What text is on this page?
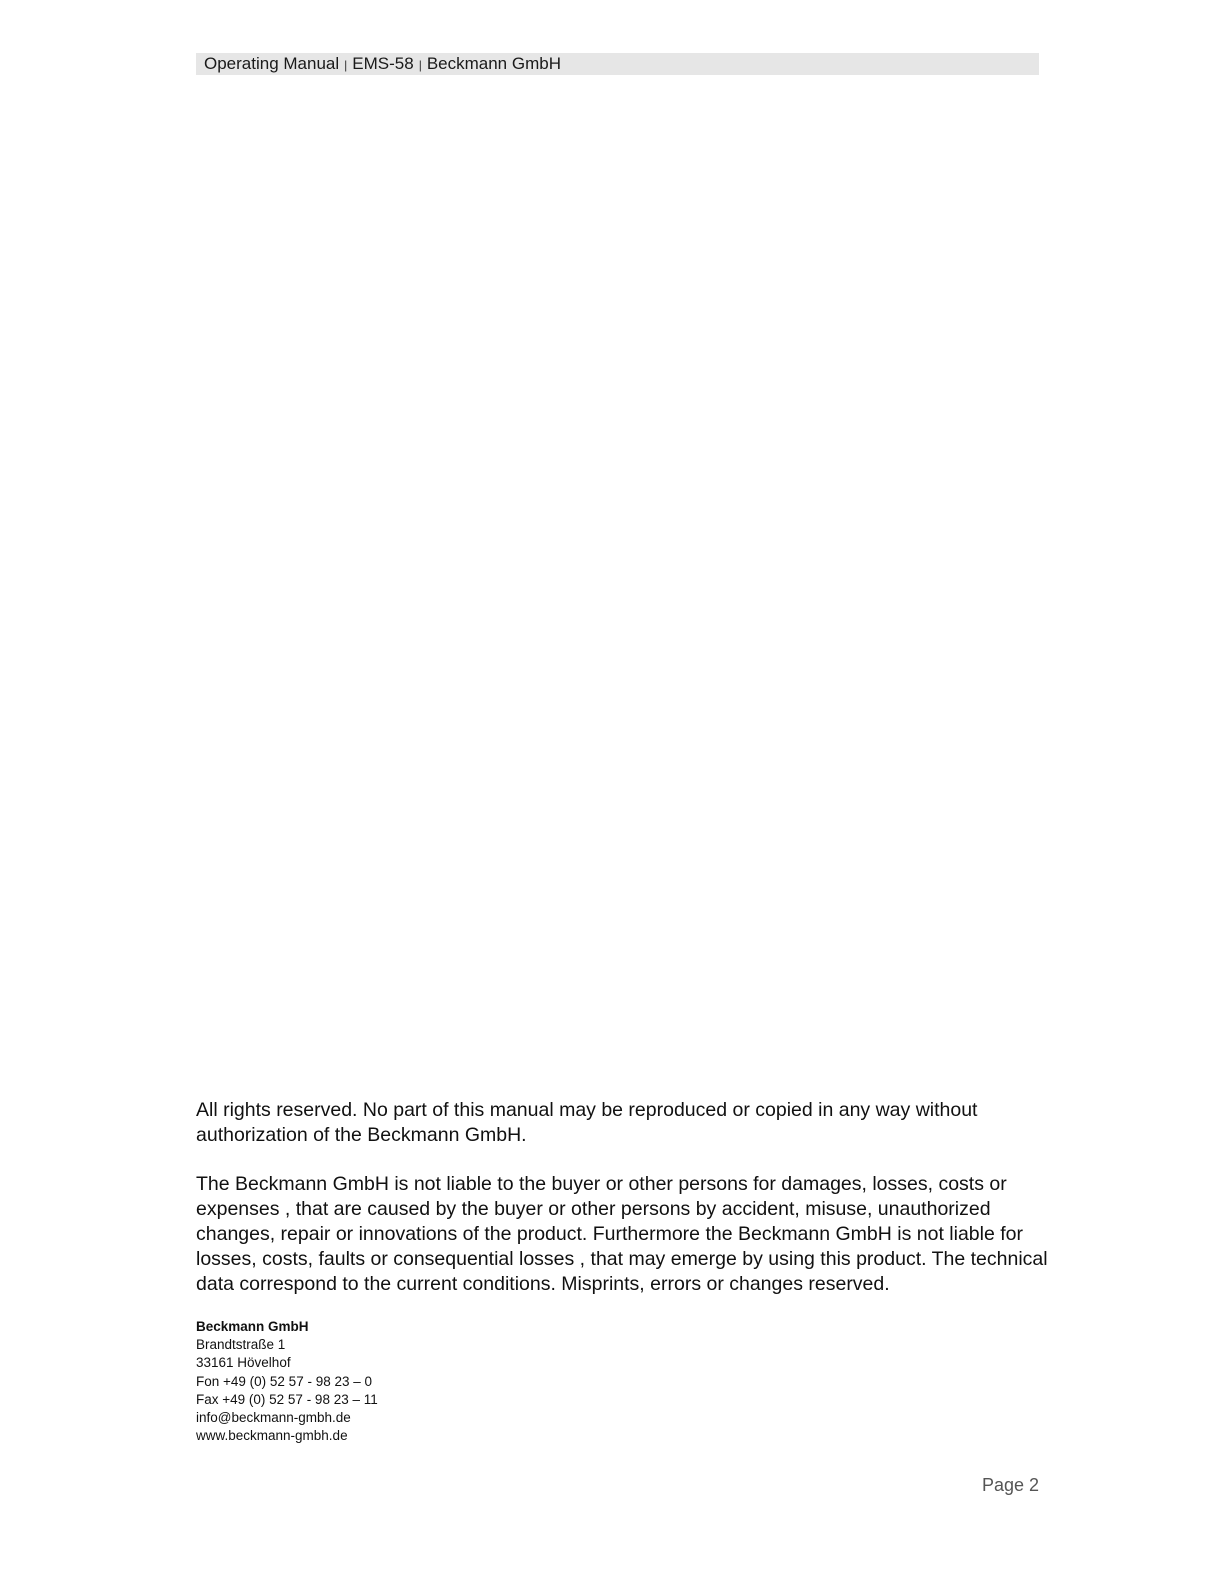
Operating Manual | EMS-58 | Beckmann GmbH

All rights reserved. No part of this manual may be reproduced or copied in any way without
authorization of the Beckmann GmbH.

The Beckmann GmbH is not liable to the buyer or other persons for damages, losses, costs or
expenses , that are caused by the buyer or other persons by accident, misuse, unauthorized
changes, repair or innovations of the product. Furthermore the Beckmann GmbH is not liable for
losses, costs, faults or consequential losses , that may emerge by using this product. The technical
data correspond to the current conditions. Misprints, errors or changes reserved.

Beckmann GmbH
Brandtstraße 1
33161 Hövelhof
Fon +49 (0) 52 57 - 98 23 – 0
Fax +49 (0) 52 57 - 98 23 – 11
info@beckmann-gmbh.de
www.beckmann-gmbh.de
Page 2
